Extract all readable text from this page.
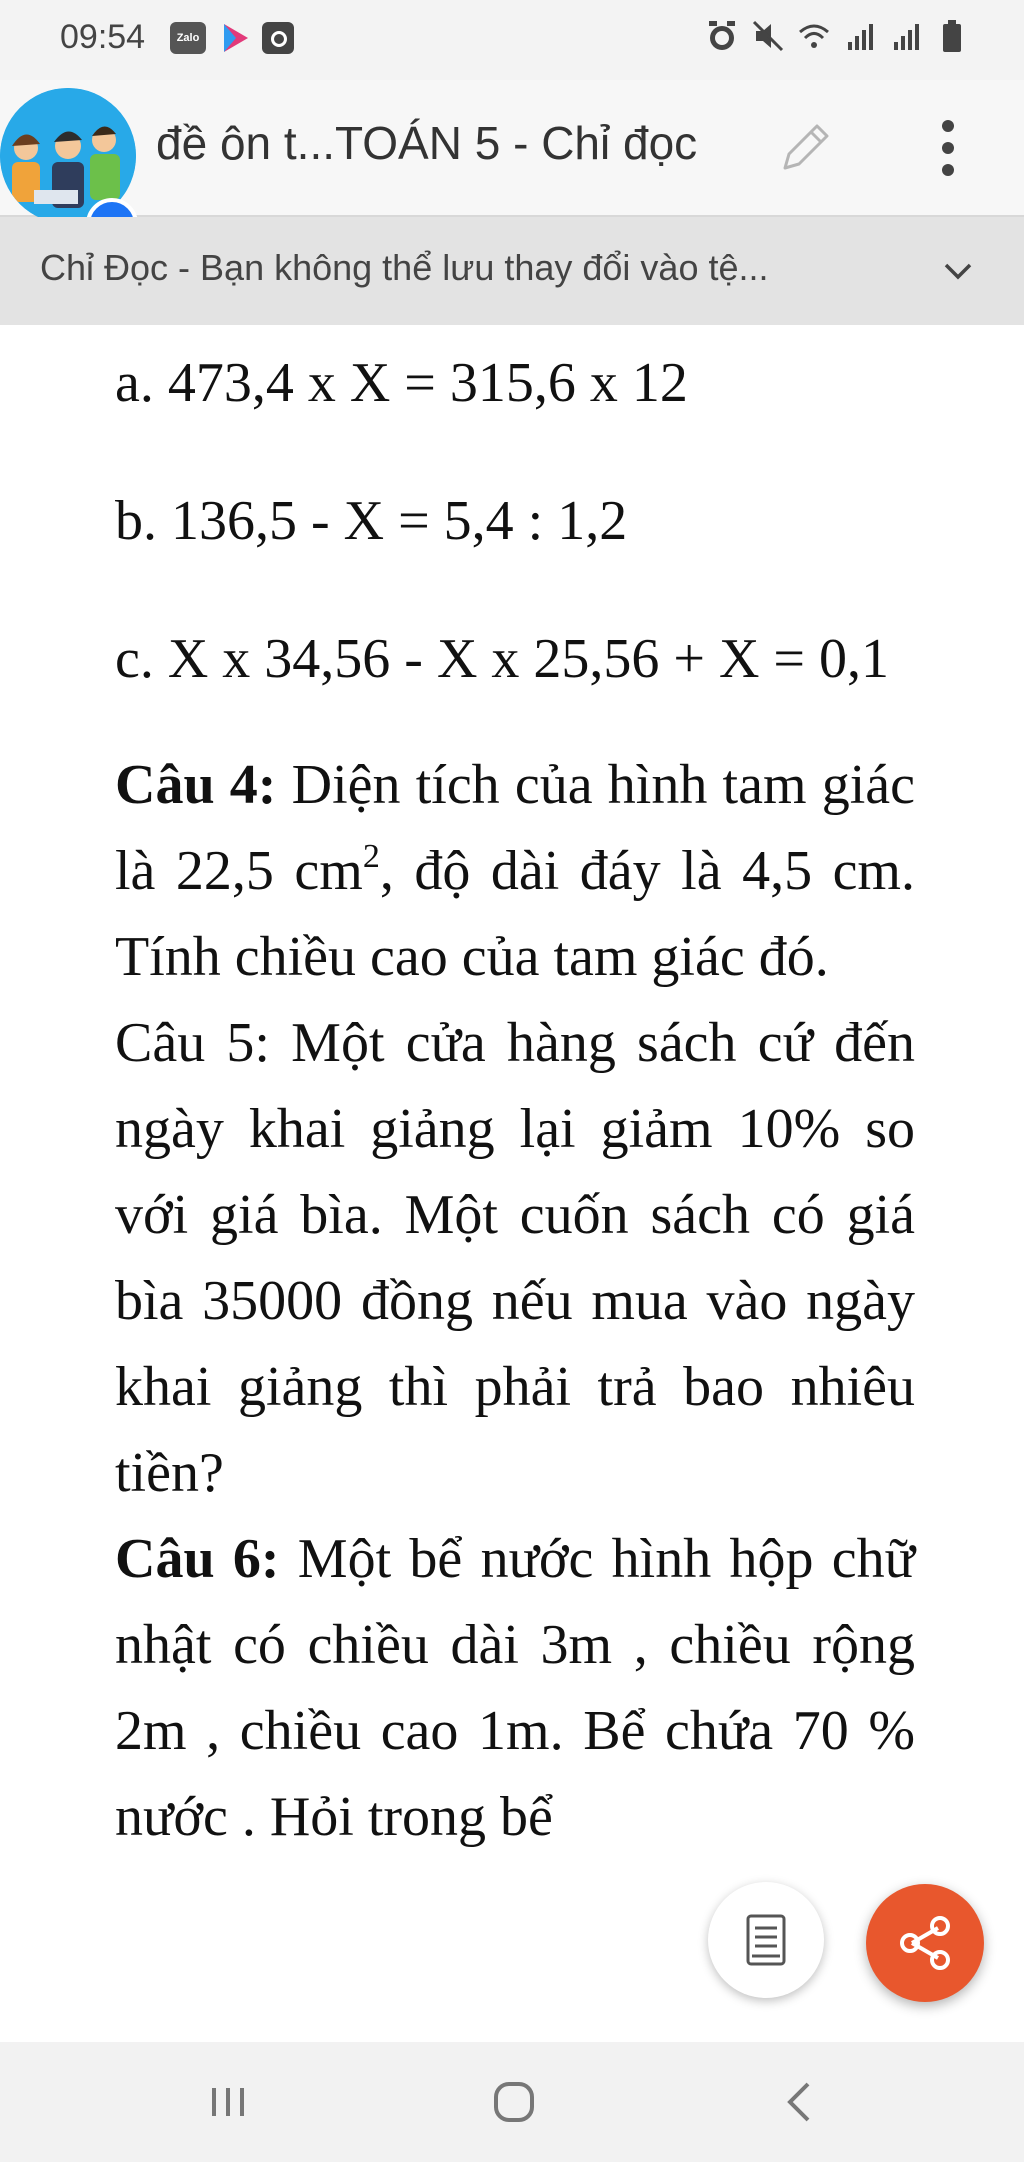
09:54	Zalo
đề ôn t...TOÁN 5 - Chỉ đọc
Chỉ Đọc - Bạn không thể lưu thay đổi vào tệ...

a. 473,4 x X = 315,6 x 12

b. 136,5 - X = 5,4 : 1,2

c. X x 34,56 - X x 25,56 + X = 0,1

Câu 4: Diện tích của hình tam giác là 22,5 $cm^2$, độ dài đáy là 4,5 cm. Tính chiều cao của tam giác đó.

Câu 5: Một cửa hàng sách cứ đến ngày khai giảng lại giảm 10% so với giá bìa. Một cuốn sách có giá bìa 35000 đồng nếu mua vào ngày khai giảng thì phải trả bao nhiêu tiền?

Câu 6: Một bể nước hình hộp chữ nhật có chiều dài 3m , chiều rộng 2m , chiều cao 1m. Bể chứa 70 % nước . Hỏi trong bể
